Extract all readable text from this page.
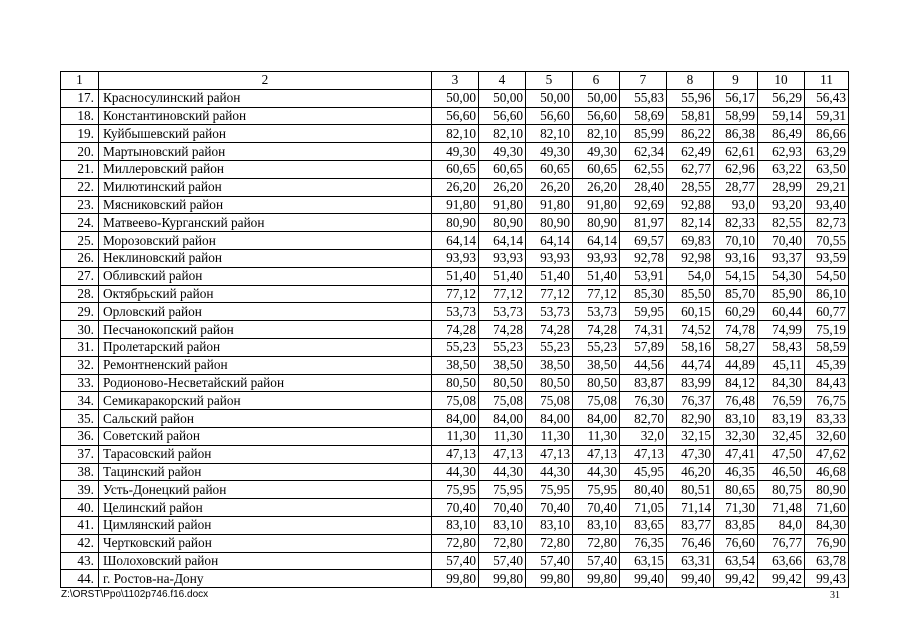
1	2	3	4	5	6	7	8	9	10	11
17.	Красносулинский район	50,00	50,00	50,00	50,00	55,83	55,96	56,17	56,29	56,43
18.	Константиновский район	56,60	56,60	56,60	56,60	58,69	58,81	58,99	59,14	59,31
19.	Куйбышевский район	82,10	82,10	82,10	82,10	85,99	86,22	86,38	86,49	86,66
20.	Мартыновский район	49,30	49,30	49,30	49,30	62,34	62,49	62,61	62,93	63,29
21.	Миллеровский район	60,65	60,65	60,65	60,65	62,55	62,77	62,96	63,22	63,50
22.	Милютинский район	26,20	26,20	26,20	26,20	28,40	28,55	28,77	28,99	29,21
23.	Мясниковский район	91,80	91,80	91,80	91,80	92,69	92,88	93,0	93,20	93,40
24.	Матвеево-Курганский район	80,90	80,90	80,90	80,90	81,97	82,14	82,33	82,55	82,73
25.	Морозовский район	64,14	64,14	64,14	64,14	69,57	69,83	70,10	70,40	70,55
26.	Неклиновский район	93,93	93,93	93,93	93,93	92,78	92,98	93,16	93,37	93,59
27.	Обливский район	51,40	51,40	51,40	51,40	53,91	54,0	54,15	54,30	54,50
28.	Октябрьский район	77,12	77,12	77,12	77,12	85,30	85,50	85,70	85,90	86,10
29.	Орловский район	53,73	53,73	53,73	53,73	59,95	60,15	60,29	60,44	60,77
30.	Песчанокопский район	74,28	74,28	74,28	74,28	74,31	74,52	74,78	74,99	75,19
31.	Пролетарский район	55,23	55,23	55,23	55,23	57,89	58,16	58,27	58,43	58,59
32.	Ремонтненский район	38,50	38,50	38,50	38,50	44,56	44,74	44,89	45,11	45,39
33.	Родионово-Несветайский район	80,50	80,50	80,50	80,50	83,87	83,99	84,12	84,30	84,43
34.	Семикаракорский район	75,08	75,08	75,08	75,08	76,30	76,37	76,48	76,59	76,75
35.	Сальский район	84,00	84,00	84,00	84,00	82,70	82,90	83,10	83,19	83,33
36.	Советский район	11,30	11,30	11,30	11,30	32,0	32,15	32,30	32,45	32,60
37.	Тарасовский район	47,13	47,13	47,13	47,13	47,13	47,30	47,41	47,50	47,62
38.	Тацинский район	44,30	44,30	44,30	44,30	45,95	46,20	46,35	46,50	46,68
39.	Усть-Донецкий район	75,95	75,95	75,95	75,95	80,40	80,51	80,65	80,75	80,90
40.	Целинский район	70,40	70,40	70,40	70,40	71,05	71,14	71,30	71,48	71,60
41.	Цимлянский район	83,10	83,10	83,10	83,10	83,65	83,77	83,85	84,0	84,30
42.	Чертковский район	72,80	72,80	72,80	72,80	76,35	76,46	76,60	76,77	76,90
43.	Шолоховский район	57,40	57,40	57,40	57,40	63,15	63,31	63,54	63,66	63,78
44.	г. Ростов-на-Дону	99,80	99,80	99,80	99,80	99,40	99,40	99,42	99,42	99,43
Z:\ORST\Ppo\1102p746.f16.docx	31
